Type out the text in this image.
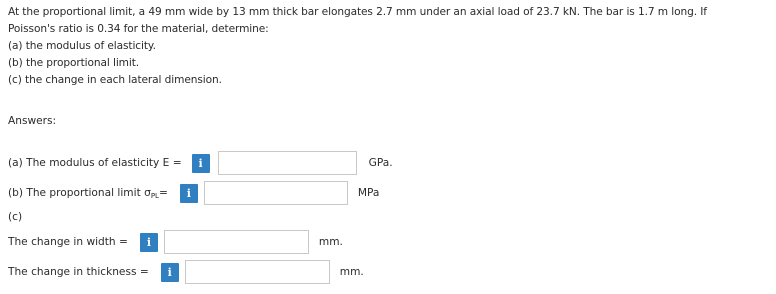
At the proportional limit, a 49 mm wide by 13 mm thick bar elongates 2.7 mm under an axial load of 23.7 kN. The bar is 1.7 m long. If

Poisson's ratio is 0.34 for the material, determine:

(a) the modulus of elasticity.

(b) the proportional limit.

(c) the change in each lateral dimension.

Answers:
(a) The modulus of elasticity E =	i	GPa.
(b) The proportional limit $\sigma_{PL}=$	i	MPa
(c)
The change in width =	i	mm.
The change in thickness =	i	mm.
